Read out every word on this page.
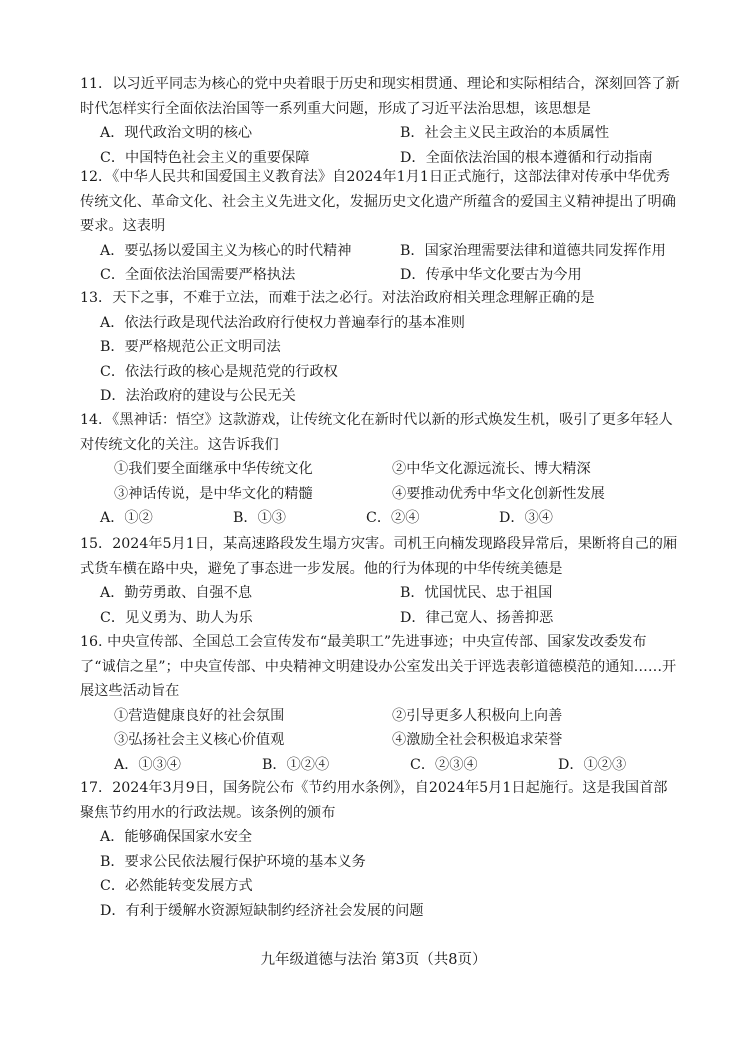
11．以习近平同志为核心的党中央着眼于历史和现实相贯通、理论和实际相结合，深刻回答了新时代怎样实行全面依法治国等一系列重大问题，形成了习近平法治思想，该思想是
A．现代政治文明的核心	B．社会主义民主政治的本质属性
C．中国特色社会主义的重要保障	D．全面依法治国的根本遵循和行动指南
12．《中华人民共和国爱国主义教育法》自2024年1月1日正式施行，这部法律对传承中华优秀传统文化、革命文化、社会主义先进文化，发掘历史文化遗产所蕴含的爱国主义精神提出了明确要求。这表明
A．要弘扬以爱国主义为核心的时代精神	B．国家治理需要法律和道德共同发挥作用
C．全面依法治国需要严格执法	D．传承中华文化要古为今用
13．天下之事，不难于立法，而难于法之必行。对法治政府相关理念理解正确的是
A．依法行政是现代法治政府行使权力普遍奉行的基本准则
B．要严格规范公正文明司法
C．依法行政的核心是规范党的行政权
D．法治政府的建设与公民无关
14．《黑神话：悟空》这款游戏，让传统文化在新时代以新的形式焕发生机，吸引了更多年轻人对传统文化的关注。这告诉我们
①我们要全面继承中华传统文化	②中华文化源远流长、博大精深
③神话传说，是中华文化的精髓	④要推动优秀中华文化创新性发展
A．①②	B．①③	C．②④	D．③④
15．2024年5月1日，某高速路段发生塌方灾害。司机王向楠发现路段异常后，果断将自己的厢式货车横在路中央，避免了事态进一步发展。他的行为体现的中华传统美德是
A．勤劳勇敢、自强不息	B．忧国忧民、忠于祖国
C．见义勇为、助人为乐	D．律己宽人、扬善抑恶
16. 中央宣传部、全国总工会宣传发布“最美职工”先进事迹；中央宣传部、国家发改委发布了“诚信之星”；中央宣传部、中央精神文明建设办公室发出关于评选表彰道德模范的通知……开展这些活动旨在
①营造健康良好的社会氛围	②引导更多人积极向上向善
③弘扬社会主义核心价值观	④激励全社会积极追求荣誉
A．①③④	B．①②④	C．②③④	D．①②③
17．2024年3月9日，国务院公布《节约用水条例》，自2024年5月1日起施行。这是我国首部聚焦节约用水的行政法规。该条例的颁布
A．能够确保国家水安全
B．要求公民依法履行保护环境的基本义务
C．必然能转变发展方式
D．有利于缓解水资源短缺制约经济社会发展的问题
九年级道德与法治 第3页（共8页）
